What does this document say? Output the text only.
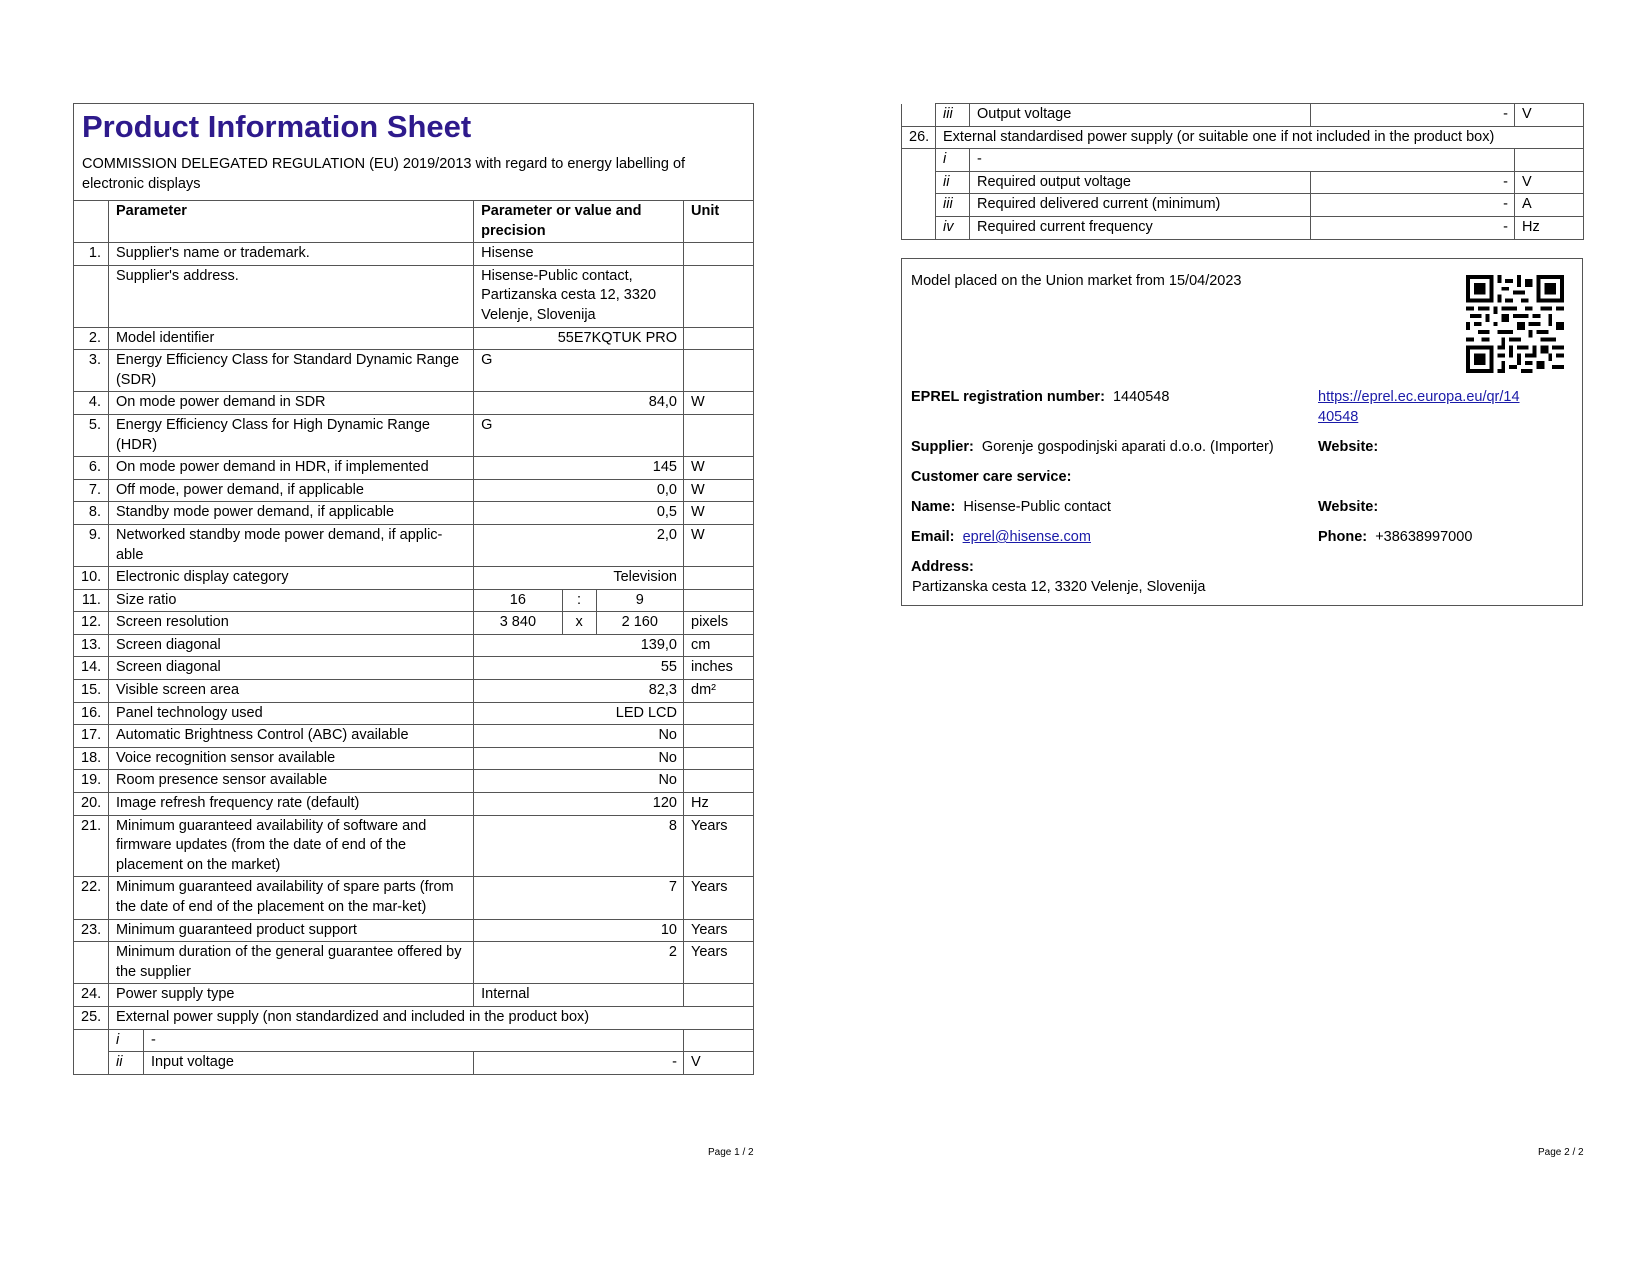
Product Information Sheet
COMMISSION DELEGATED REGULATION (EU) 2019/2013 with regard to energy labelling of electronic displays
	Parameter		Parameter or value and precision			Unit
1.	Supplier's name or trademark.		Hisense			
	Supplier's address.		Hisense-Public contact, Partizanska cesta 12, 3320 Velenje, Slovenija			
2.	Model identifier		55E7KQTUK PRO			
3.	Energy Efficiency Class for Standard Dynamic Range (SDR)		G			
4.	On mode power demand in SDR		84,0			W
5.	Energy Efficiency Class for High Dynamic Range (HDR)		G			
6.	On mode power demand in HDR, if implemented		145			W
7.	Off mode, power demand, if applicable		0,0			W
8.	Standby mode power demand, if applicable		0,5			W
9.	Networked standby mode power demand, if applic-able		2,0			W
10.	Electronic display category		Television			
11.	Size ratio		16	:	9	
12.	Screen resolution		3 840	x	2 160	pixels
13.	Screen diagonal		139,0			cm
14.	Screen diagonal		55			inches
15.	Visible screen area		82,3			dm²
16.	Panel technology used		LED LCD			
17.	Automatic Brightness Control (ABC) available		No			
18.	Voice recognition sensor available		No			
19.	Room presence sensor available		No			
20.	Image refresh frequency rate (default)		120			Hz
21.	Minimum guaranteed availability of software and firmware updates (from the date of end of the placement on the market)		8			Years
22.	Minimum guaranteed availability of spare parts (from the date of end of the placement on the mar-ket)		7			Years
23.	Minimum guaranteed product support		10			Years
	Minimum duration of the general guarantee offered by the supplier		2			Years
24.	Power supply type		Internal			
25.	External power supply (non standardized and included in the product box)					
	i	-				
	ii	Input voltage	-			V
Page 1 / 2
	iii	Output voltage	-	V
26.	External standardised power supply (or suitable one if not included in the product box)			
	i	-		
	ii	Required output voltage	-	V
	iii	Required delivered current (minimum)	-	A
	iv	Required current frequency	-	Hz
Model placed on the Union market from 15/04/2023
EPREL registration number: 1440548	https://eprel.ec.europa.eu/qr/14
40548
Supplier: Gorenje gospodinjski aparati d.o.o. (Importer)	Website:
Customer care service:
Name: Hisense-Public contact	Website:
Email: eprel@hisense.com	Phone: +38638997000
Address:
Partizanska cesta 12, 3320 Velenje, Slovenija
Page 2 / 2
